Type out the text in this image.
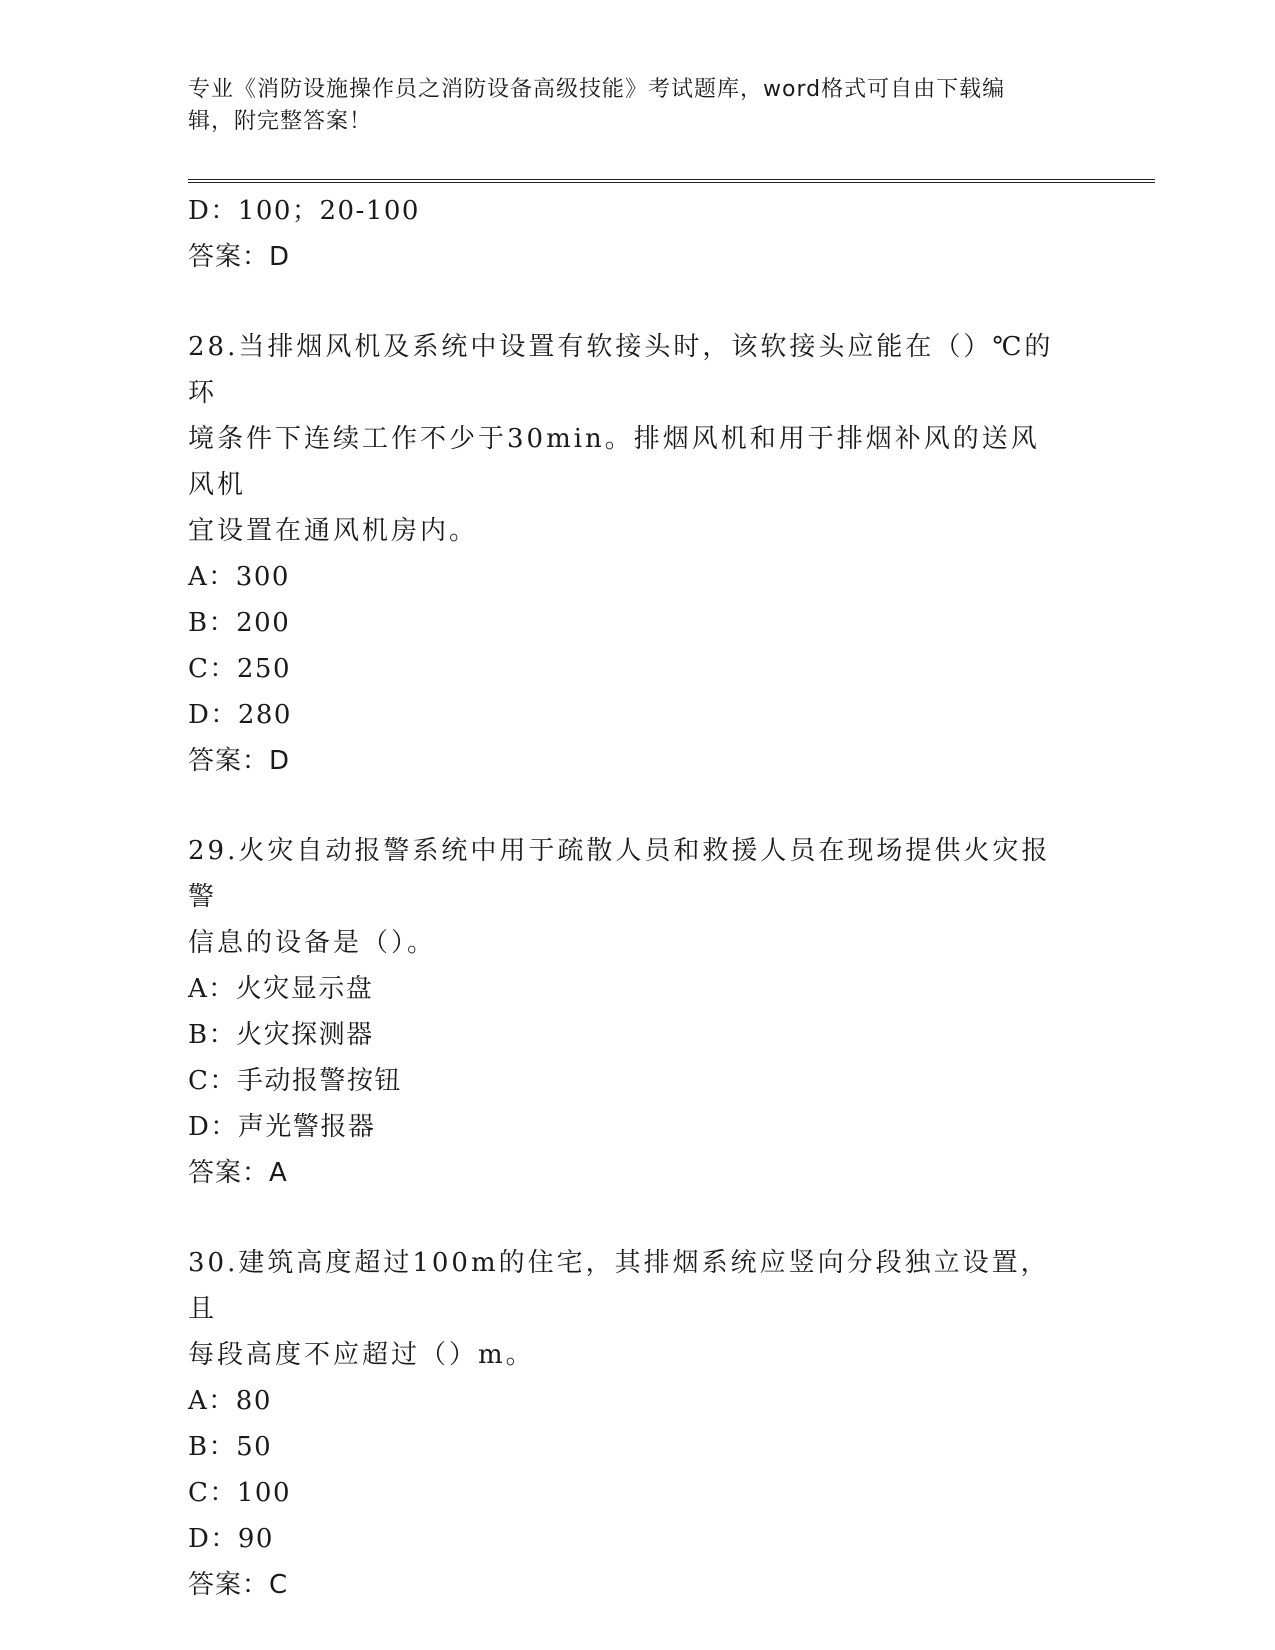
专业《消防设施操作员之消防设备高级技能》考试题库，word格式可自由下载编
辑，附完整答案！
D：100；20-100
答案：D
28.当排烟风机及系统中设置有软接头时，该软接头应能在（）℃的环
境条件下连续工作不少于30min。排烟风机和用于排烟补风的送风风机
宜设置在通风机房内。
A：300
B：200
C：250
D：280
答案：D
29.火灾自动报警系统中用于疏散人员和救援人员在现场提供火灾报警
信息的设备是（）。
A：火灾显示盘
B：火灾探测器
C：手动报警按钮
D：声光警报器
答案：A
30.建筑高度超过100m的住宅，其排烟系统应竖向分段独立设置，且
每段高度不应超过（）m。
A：80
B：50
C：100
D：90
答案：C
